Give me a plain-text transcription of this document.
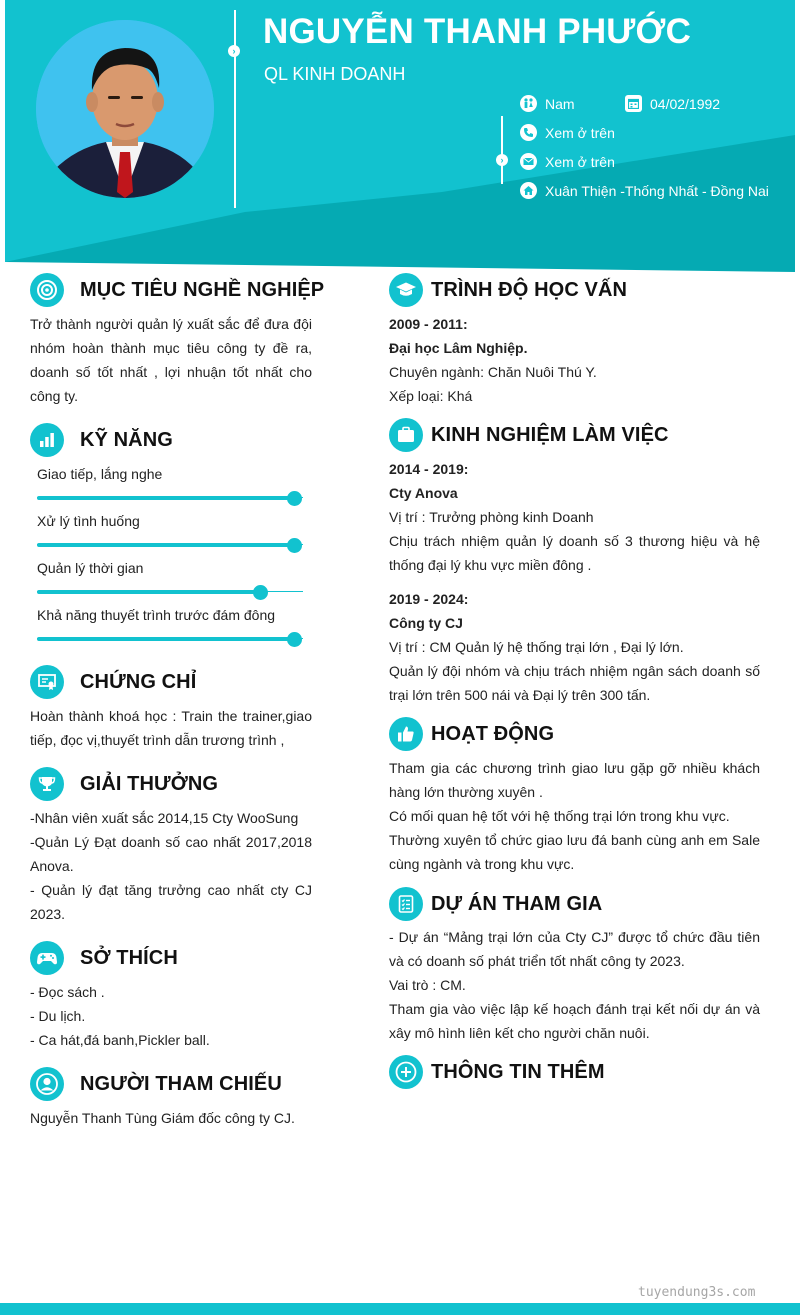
› NGUYỄN THANH PHƯỚC
QL KINH DOANH
›
Nam	04/02/1992
Xem ở trên
Xem ở trên
Xuân Thiện -Thống Nhất - Đồng Nai
MỤC TIÊU NGHỀ NGHIỆP
Trở thành người quản lý xuất sắc để đưa đội nhóm hoàn thành mục tiêu công ty đề ra, doanh số tốt nhất , lợi nhuận tốt nhất cho công ty.
KỸ NĂNG
Giao tiếp, lắng nghe
Xử lý tình huống
Quản lý thời gian
Khả năng thuyết trình trước đám đông
CHỨNG CHỈ
Hoàn thành khoá học : Train the trainer,giao tiếp, đọc vị,thuyết trình dẫn trương trình ,
GIẢI THƯỞNG
-Nhân viên xuất sắc 2014,15 Cty WooSung
-Quản Lý Đạt doanh số cao nhất 2017,2018 Anova.
- Quản lý đạt tăng trưởng cao nhất cty CJ 2023.
SỞ THÍCH
- Đọc sách .
- Du lịch.
- Ca hát,đá banh,Pickler ball.
NGƯỜI THAM CHIẾU
Nguyễn Thanh Tùng Giám đốc công ty CJ.
TRÌNH ĐỘ HỌC VẤN
2009 - 2011:
Đại học Lâm Nghiệp.
Chuyên ngành: Chăn Nuôi Thú Y.
Xếp loại: Khá
KINH NGHIỆM LÀM VIỆC
2014 - 2019:
Cty Anova
Vị trí : Trưởng phòng kinh Doanh
Chịu trách nhiệm quản lý doanh số 3 thương hiệu và hệ thống đại lý khu vực miền đông .
2019 - 2024:
Công ty CJ
Vị trí : CM Quản lý hệ thống trại lớn , Đại lý lớn.
Quản lý đội nhóm và chịu trách nhiệm ngân sách doanh số trại lớn trên 500 nái và Đại lý trên 300 tấn.
HOẠT ĐỘNG
Tham gia các chương trình giao lưu gặp gỡ nhiều khách hàng lớn thường xuyên .
Có mối quan hệ tốt với hệ thống trại lớn trong khu vực.
Thường xuyên tổ chức giao lưu đá banh cùng anh em Sale cùng ngành và trong khu vực.
DỰ ÁN THAM GIA
- Dự án “Mảng trại lớn của Cty CJ” được tổ chức đầu tiên và có doanh số phát triển tốt nhất công ty 2023.
Vai trò : CM.
Tham gia vào việc lập kế hoạch đánh trại kết nối dự án và xây mô hình liên kết cho người chăn nuôi.
THÔNG TIN THÊM
tuyendung3s.com
